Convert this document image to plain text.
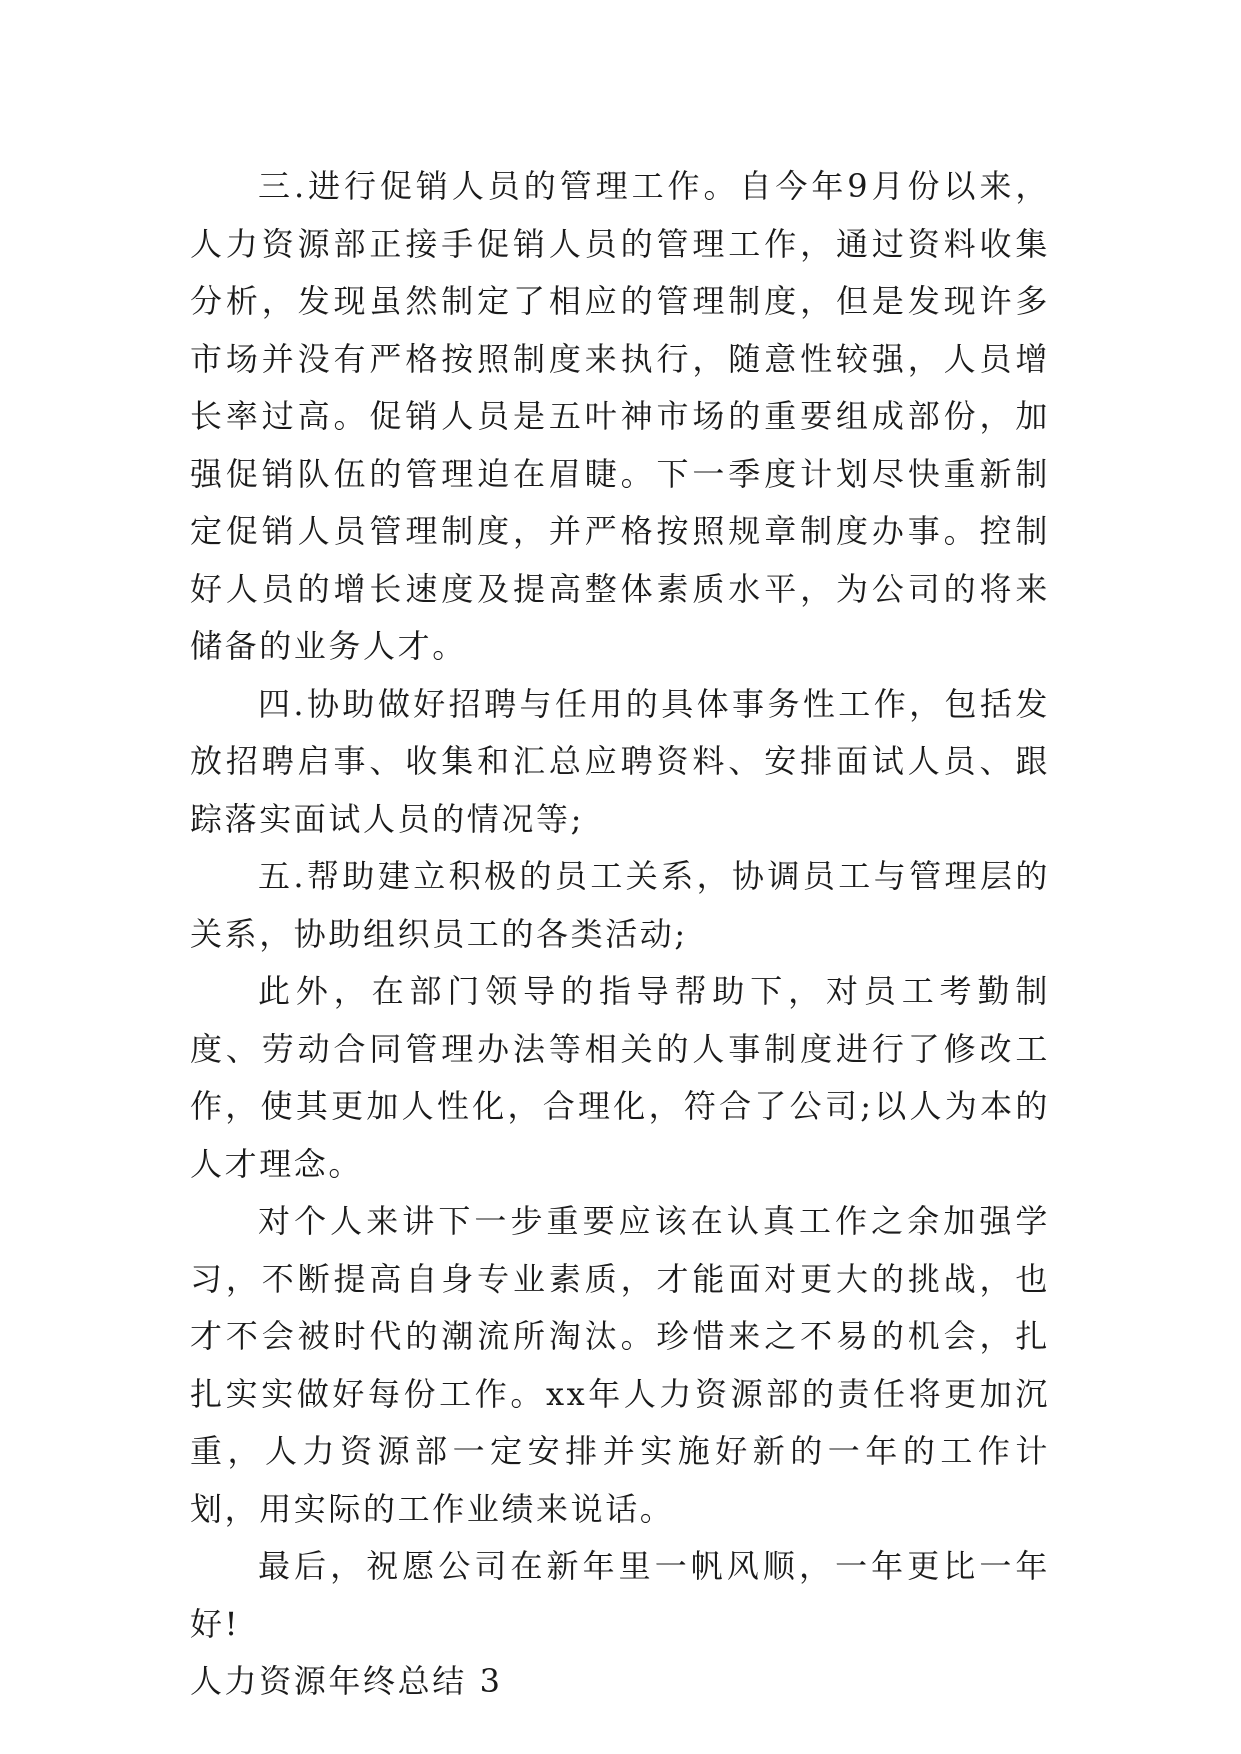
三.进行促销人员的管理工作。自今年9月份以来，人力资源部正接手促销人员的管理工作，通过资料收集分析，发现虽然制定了相应的管理制度，但是发现许多市场并没有严格按照制度来执行，随意性较强，人员增长率过高。促销人员是五叶神市场的重要组成部份，加强促销队伍的管理迫在眉睫。下一季度计划尽快重新制定促销人员管理制度，并严格按照规章制度办事。控制好人员的增长速度及提高整体素质水平，为公司的将来储备的业务人才。

四.协助做好招聘与任用的具体事务性工作，包括发放招聘启事、收集和汇总应聘资料、安排面试人员、跟踪落实面试人员的情况等;

五.帮助建立积极的员工关系，协调员工与管理层的关系，协助组织员工的各类活动;

此外，在部门领导的指导帮助下，对员工考勤制度、劳动合同管理办法等相关的人事制度进行了修改工作，使其更加人性化，合理化，符合了公司;以人为本的人才理念。

对个人来讲下一步重要应该在认真工作之余加强学习，不断提高自身专业素质，才能面对更大的挑战，也才不会被时代的潮流所淘汰。珍惜来之不易的机会，扎扎实实做好每份工作。xx年人力资源部的责任将更加沉重，人力资源部一定安排并实施好新的一年的工作计划，用实际的工作业绩来说话。

最后，祝愿公司在新年里一帆风顺，一年更比一年好!

人力资源年终总结 3
